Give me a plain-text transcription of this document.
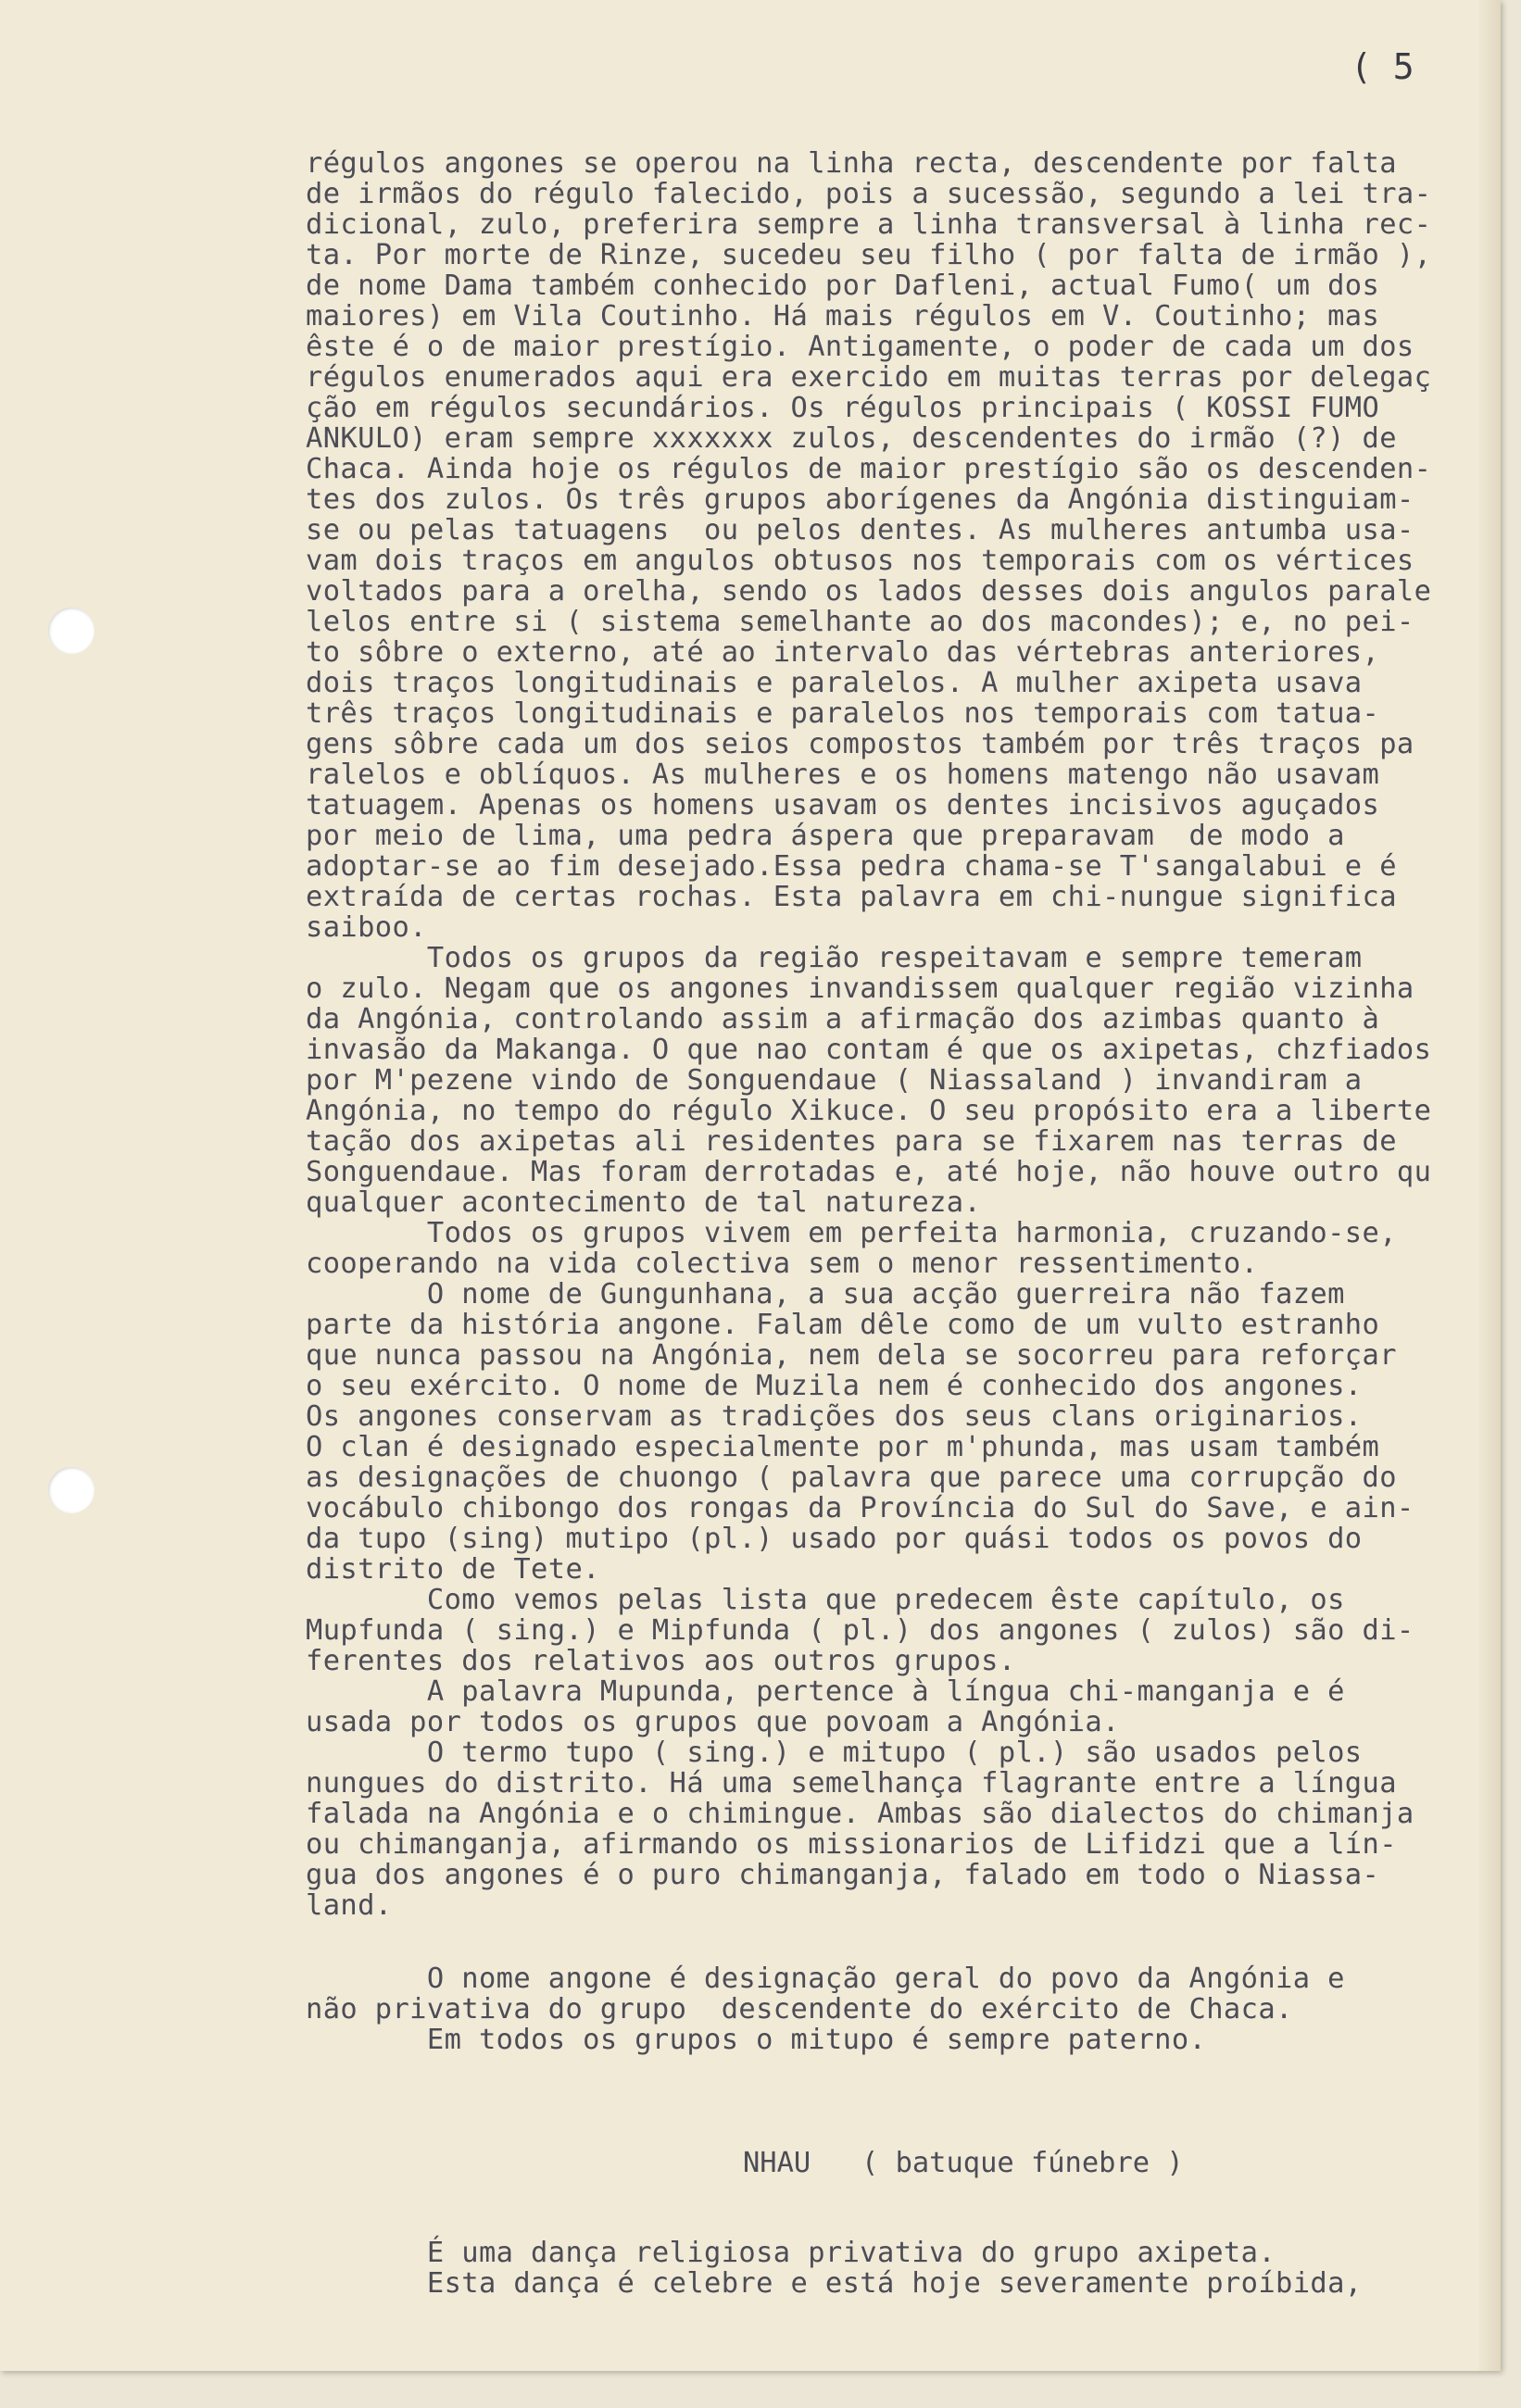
( 5
régulos angones se operou na linha recta, descendente por falta
de irmãos do régulo falecido, pois a sucessão, segundo a lei tra-
dicional, zulo, preferira sempre a linha transversal à linha rec-
ta. Por morte de Rinze, sucedeu seu filho ( por falta de irmão ),
de nome Dama também conhecido por Dafleni, actual Fumo( um dos
maiores) em Vila Coutinho. Há mais régulos em V. Coutinho; mas
êste é o de maior prestígio. Antigamente, o poder de cada um dos
régulos enumerados aqui era exercido em muitas terras por delegaç
ção em régulos secundários. Os régulos principais ( KOSSI FUMO
ANKULO) eram sempre xxxxxxx zulos, descendentes do irmão (?) de
Chaca. Ainda hoje os régulos de maior prestígio são os descenden-
tes dos zulos. Os três grupos aborígenes da Angónia distinguiam-
se ou pelas tatuagens  ou pelos dentes. As mulheres antumba usa-
vam dois traços em angulos obtusos nos temporais com os vértices
voltados para a orelha, sendo os lados desses dois angulos parale
lelos entre si ( sistema semelhante ao dos macondes); e, no pei-
to sôbre o externo, até ao intervalo das vértebras anteriores,
dois traços longitudinais e paralelos. A mulher axipeta usava
três traços longitudinais e paralelos nos temporais com tatua-
gens sôbre cada um dos seios compostos também por três traços pa
ralelos e oblíquos. As mulheres e os homens matengo não usavam
tatuagem. Apenas os homens usavam os dentes incisivos aguçados
por meio de lima, uma pedra áspera que preparavam  de modo a
adoptar-se ao fim desejado.Essa pedra chama-se T'sangalabui e é
extraída de certas rochas. Esta palavra em chi-nungue significa
saiboo.
Todos os grupos da região respeitavam e sempre temeram
o zulo. Negam que os angones invandissem qualquer região vizinha
da Angónia, controlando assim a afirmação dos azimbas quanto à
invasão da Makanga. O que nao contam é que os axipetas, chzfiados
por M'pezene vindo de Songuendaue ( Niassaland ) invandiram a
Angónia, no tempo do régulo Xikuce. O seu propósito era a liberte
tação dos axipetas ali residentes para se fixarem nas terras de
Songuendaue. Mas foram derrotadas e, até hoje, não houve outro qu
qualquer acontecimento de tal natureza.
Todos os grupos vivem em perfeita harmonia, cruzando-se,
cooperando na vida colectiva sem o menor ressentimento.
O nome de Gungunhana, a sua acção guerreira não fazem
parte da história angone. Falam dêle como de um vulto estranho
que nunca passou na Angónia, nem dela se socorreu para reforçar
o seu exército. O nome de Muzila nem é conhecido dos angones.
Os angones conservam as tradições dos seus clans originarios.
O clan é designado especialmente por mꞌphunda, mas usam também
as designações de chuongo ( palavra que parece uma corrupção do
vocábulo chibongo dos rongas da Província do Sul do Save, e ain-
da tupo (sing) mutipo (pl.) usado por quási todos os povos do
distrito de Tete.
Como vemos pelas lista que predecem êste capítulo, os
Mupfunda ( sing.) e Mipfunda ( pl.) dos angones ( zulos) são di-
ferentes dos relativos aos outros grupos.
A palavra Mupunda, pertence à língua chi-manganja e é
usada por todos os grupos que povoam a Angónia.
O termo tupo ( sing.) e mitupo ( pl.) são usados pelos
nungues do distrito. Há uma semelhança flagrante entre a língua
falada na Angónia e o chimingue. Ambas são dialectos do chimanja
ou chimanganja, afirmando os missionarios de Lifidzi que a lín-
gua dos angones é o puro chimanganja, falado em todo o Niassa-
land.
O nome angone é designação geral do povo da Angónia e
não privativa do grupo  descendente do exército de Chaca.
Em todos os grupos o mitupo é sempre paterno.
NHAU ( batuque fúnebre )
É uma dança religiosa privativa do grupo axipeta.
Esta dança é celebre e está hoje severamente proíbida,
